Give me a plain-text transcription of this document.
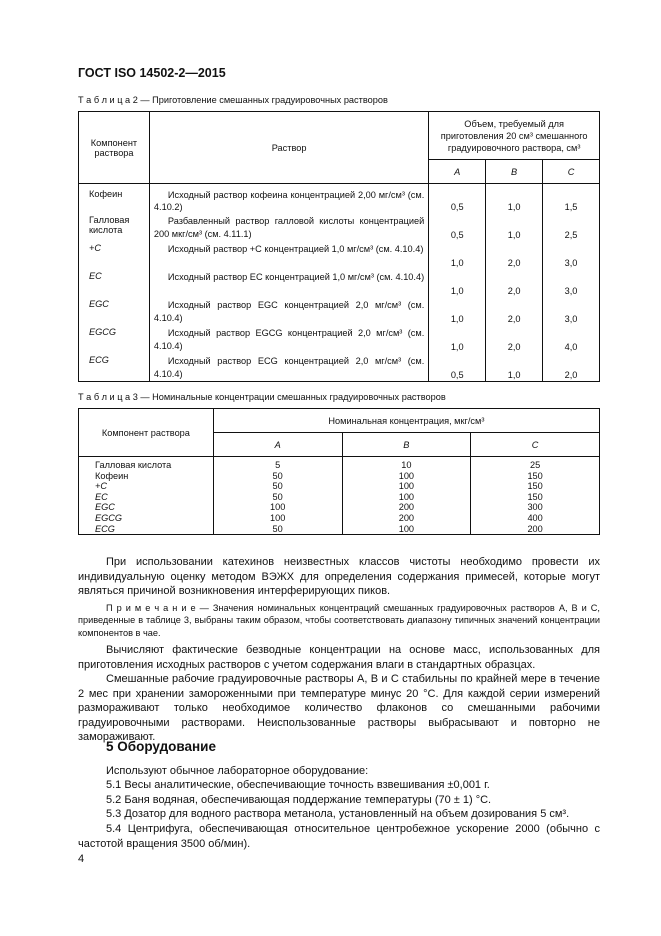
ГОСТ ISO 14502-2—2015
Т а б л и ц а 2 — Приготовление смешанных градуировочных растворов
Компонент раствора	Раствор	Объем, требуемый для приготовления 20 см³ смешанного градуировочного раствора, см³		
		A	B	C
Кофеин	Исходный раствор кофеина концентрацией 2,00 мг/см³ (см. 4.10.2)	0,5	1,0	1,5
Галловая кислота	Разбавленный раствор галловой кислоты концентрацией 200 мкг/см³ (см. 4.11.1)	0,5	1,0	2,5
+C	Исходный раствор +C концентрацией 1,0 мг/см³ (см. 4.10.4)	1,0	2,0	3,0
EC	Исходный раствор EC концентрацией 1,0 мг/см³ (см. 4.10.4)	1,0	2,0	3,0
EGC	Исходный раствор EGC концентрацией 2,0 мг/см³ (см. 4.10.4)	1,0	2,0	3,0
EGCG	Исходный раствор EGCG концентрацией 2,0 мг/см³ (см. 4.10.4)	1,0	2,0	4,0
ECG	Исходный раствор ECG концентрацией 2,0 мг/см³ (см. 4.10.4)	0,5	1,0	2,0
Т а б л и ц а 3 — Номинальные концентрации смешанных градуировочных растворов
Компонент раствора	Номинальная концентрация, мкг/см³		
	A	B	C
Галловая кислота	5	10	25
Кофеин	50	100	150
+C	50	100	150
EC	50	100	150
EGC	100	200	300
EGCG	100	200	400
ECG	50	100	200
При использовании катехинов неизвестных классов чистоты необходимо провести их индивидуальную оценку методом ВЭЖХ для определения содержания примесей, которые могут являться причиной возникновения интерферирующих пиков.
П р и м е ч а н и е — Значения номинальных концентраций смешанных градуировочных растворов A, B и C, приведенные в таблице 3, выбраны таким образом, чтобы соответствовать диапазону типичных значений концентрации компонентов в чае.
Вычисляют фактические безводные концентрации на основе масс, использованных для приготовления исходных растворов с учетом содержания влаги в стандартных образцах.
Смешанные рабочие градуировочные растворы A, B и C стабильны по крайней мере в течение 2 мес при хранении замороженными при температуре минус 20 °C. Для каждой серии измерений размораживают только необходимое количество флаконов со смешанными рабочими градуировочными растворами. Неиспользованные растворы выбрасывают и повторно не замораживают.
5 Оборудование
Используют обычное лабораторное оборудование:
5.1 Весы аналитические, обеспечивающие точность взвешивания ±0,001 г.
5.2 Баня водяная, обеспечивающая поддержание температуры (70 ± 1) °C.
5.3 Дозатор для водного раствора метанола, установленный на объем дозирования 5 см³.
5.4 Центрифуга, обеспечивающая относительное центробежное ускорение 2000 (обычно с частотой вращения 3500 об/мин).
4
